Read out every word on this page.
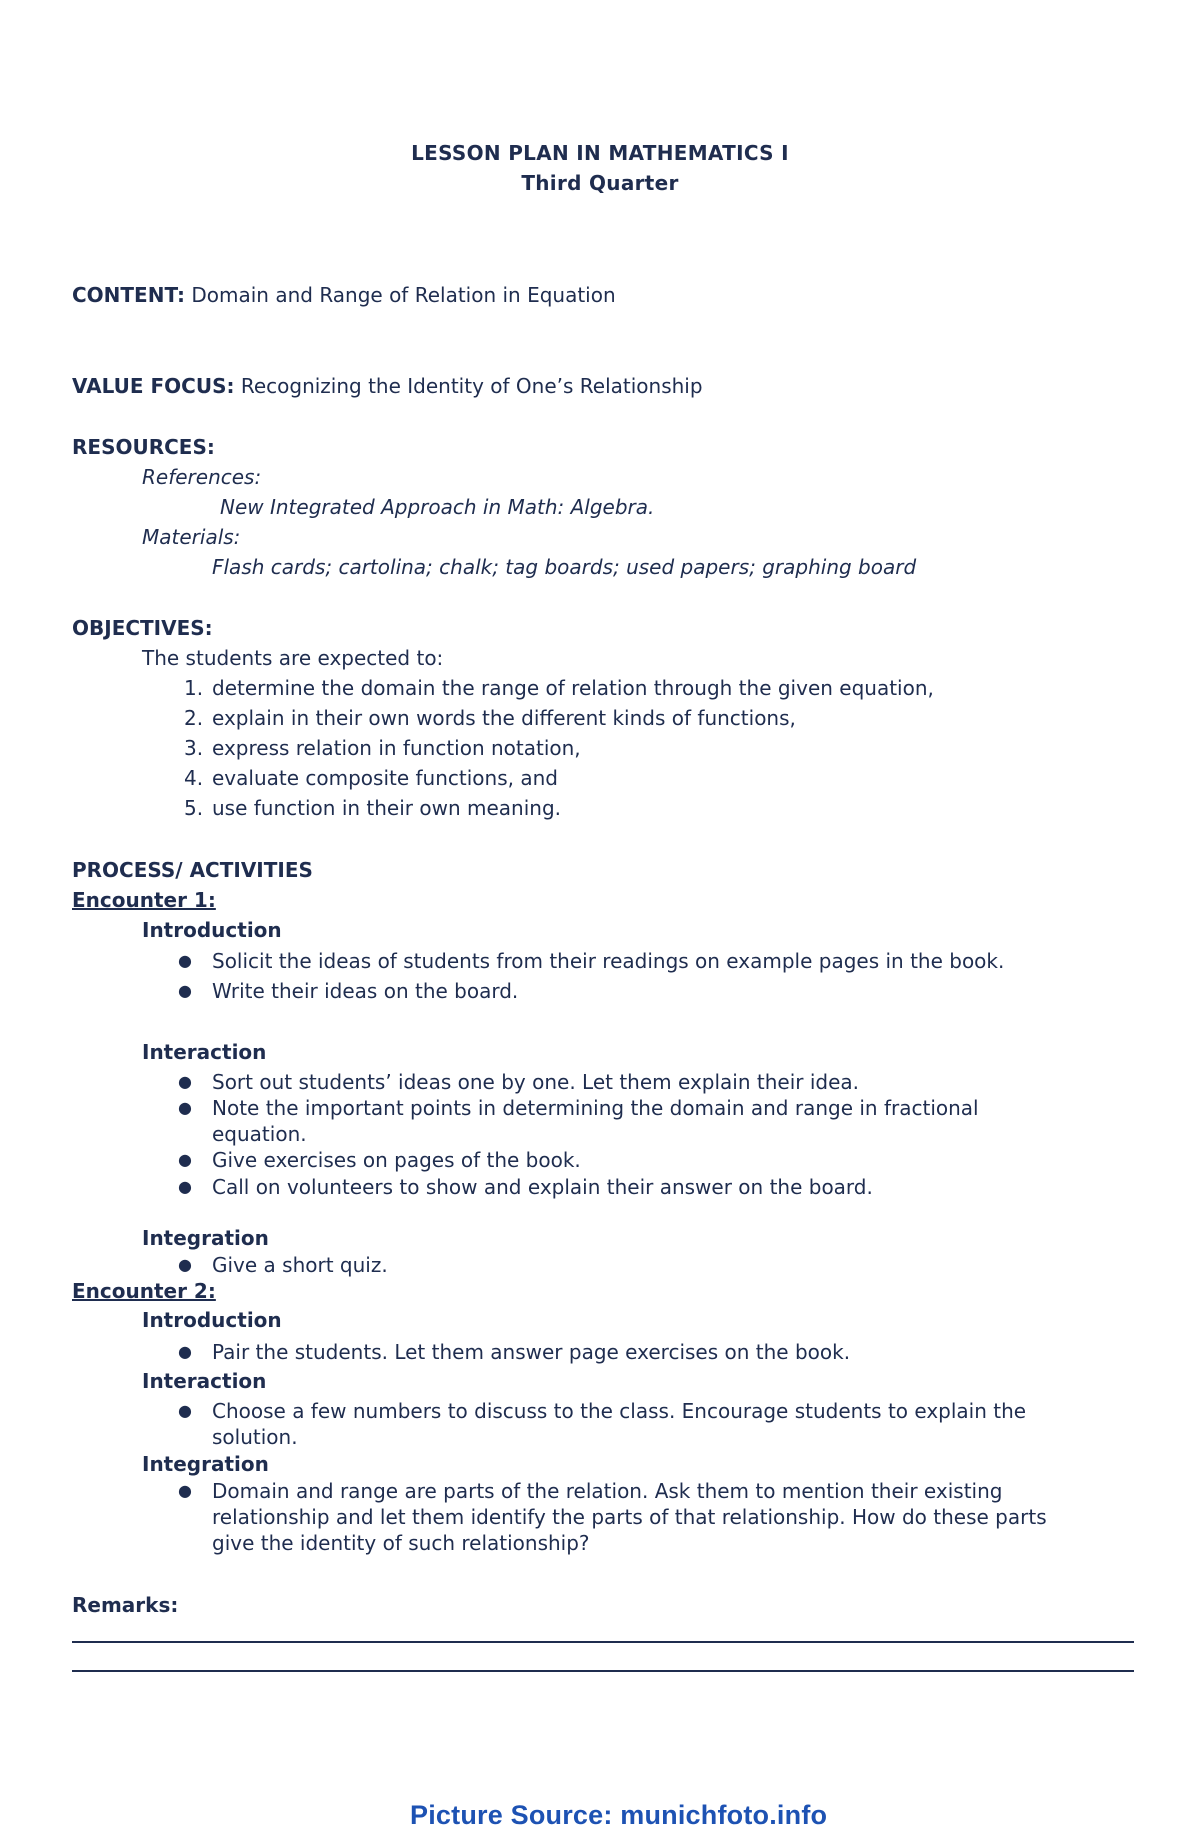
LESSON PLAN IN MATHEMATICS I
Third Quarter
CONTENT: Domain and Range of Relation in Equation
VALUE FOCUS: Recognizing the Identity of One’s Relationship
RESOURCES:
References:
New Integrated Approach in Math: Algebra.
Materials:
Flash cards; cartolina; chalk; tag boards; used papers; graphing board
OBJECTIVES:
The students are expected to:
1. determine the domain the range of relation through the given equation,
2. explain in their own words the different kinds of functions,
3. express relation in function notation,
4. evaluate composite functions, and
5. use function in their own meaning.
PROCESS/ ACTIVITIES
Encounter 1:
Introduction
●	Solicit the ideas of students from their readings on example pages in the book.
●	Write their ideas on the board.
Interaction
●	Sort out students’ ideas one by one. Let them explain their idea.
●	Note the important points in determining the domain and range in fractional
equation.
●	Give exercises on pages of the book.
●	Call on volunteers to show and explain their answer on the board.
Integration
●	Give a short quiz.
Encounter 2:
Introduction
●	Pair the students. Let them answer page exercises on the book.
Interaction
●	Choose a few numbers to discuss to the class. Encourage students to explain the
solution.
Integration
●	Domain and range are parts of the relation. Ask them to mention their existing
relationship and let them identify the parts of that relationship. How do these parts
give the identity of such relationship?
Remarks:
Picture Source: munichfoto.info
